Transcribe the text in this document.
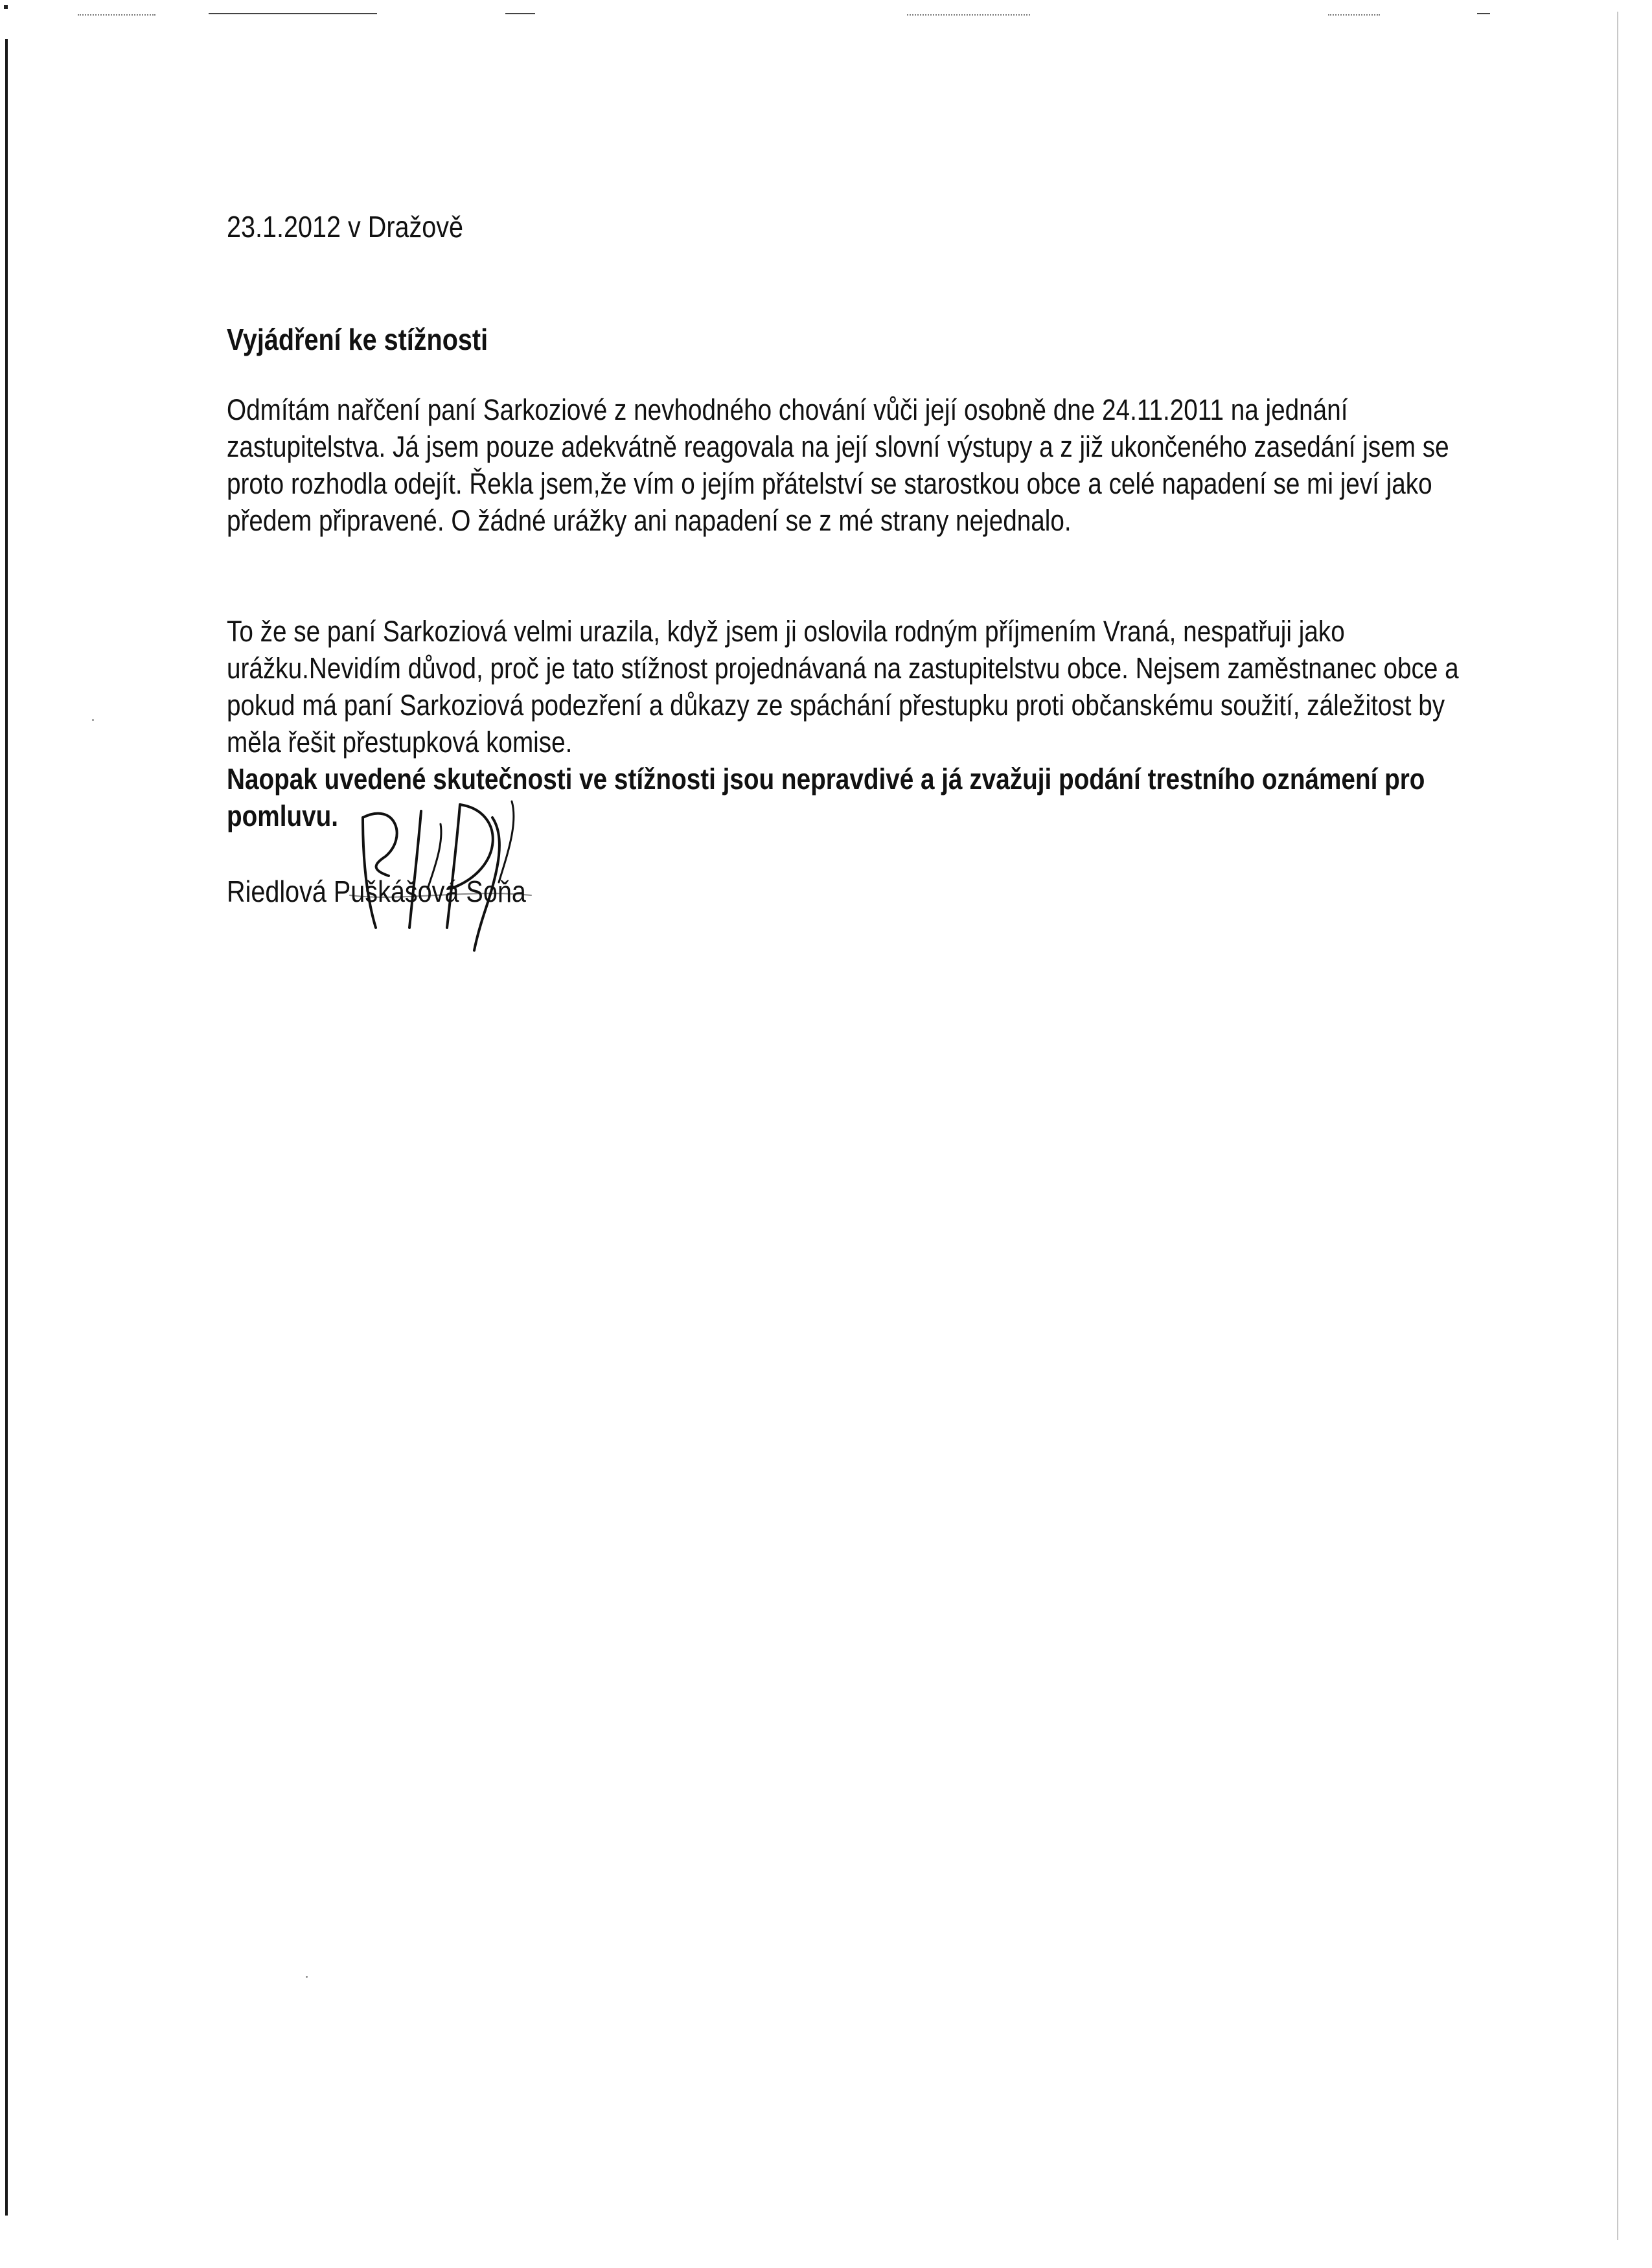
23.1.2012 v Dražově
Vyjádření ke stížnosti

Odmítám nařčení paní Sarkoziové z nevhodného chování vůči její osobně dne 24.11.2011 na jednání zastupitelstva. Já jsem pouze adekvátně reagovala na její slovní výstupy a z již ukončeného zasedání jsem se proto rozhodla odejít. Řekla jsem,že vím o jejím přátelství se starostkou obce a celé napadení se mi jeví jako předem připravené. O žádné urážky ani napadení se z mé strany nejednalo.

To že se paní Sarkoziová velmi urazila, když jsem ji oslovila rodným příjmením Vraná, nespatřuji jako urážku.Nevidím důvod, proč je tato stížnost projednávaná na zastupitelstvu obce. Nejsem zaměstnanec obce a pokud má paní Sarkoziová podezření a důkazy ze spáchání přestupku proti občanskému soužití, záležitost by měla řešit přestupková komise.

Naopak uvedené skutečnosti ve stížnosti jsou nepravdivé a já zvažuji podání trestního oznámení pro pomluvu.

Riedlová Puškášová Soňa
